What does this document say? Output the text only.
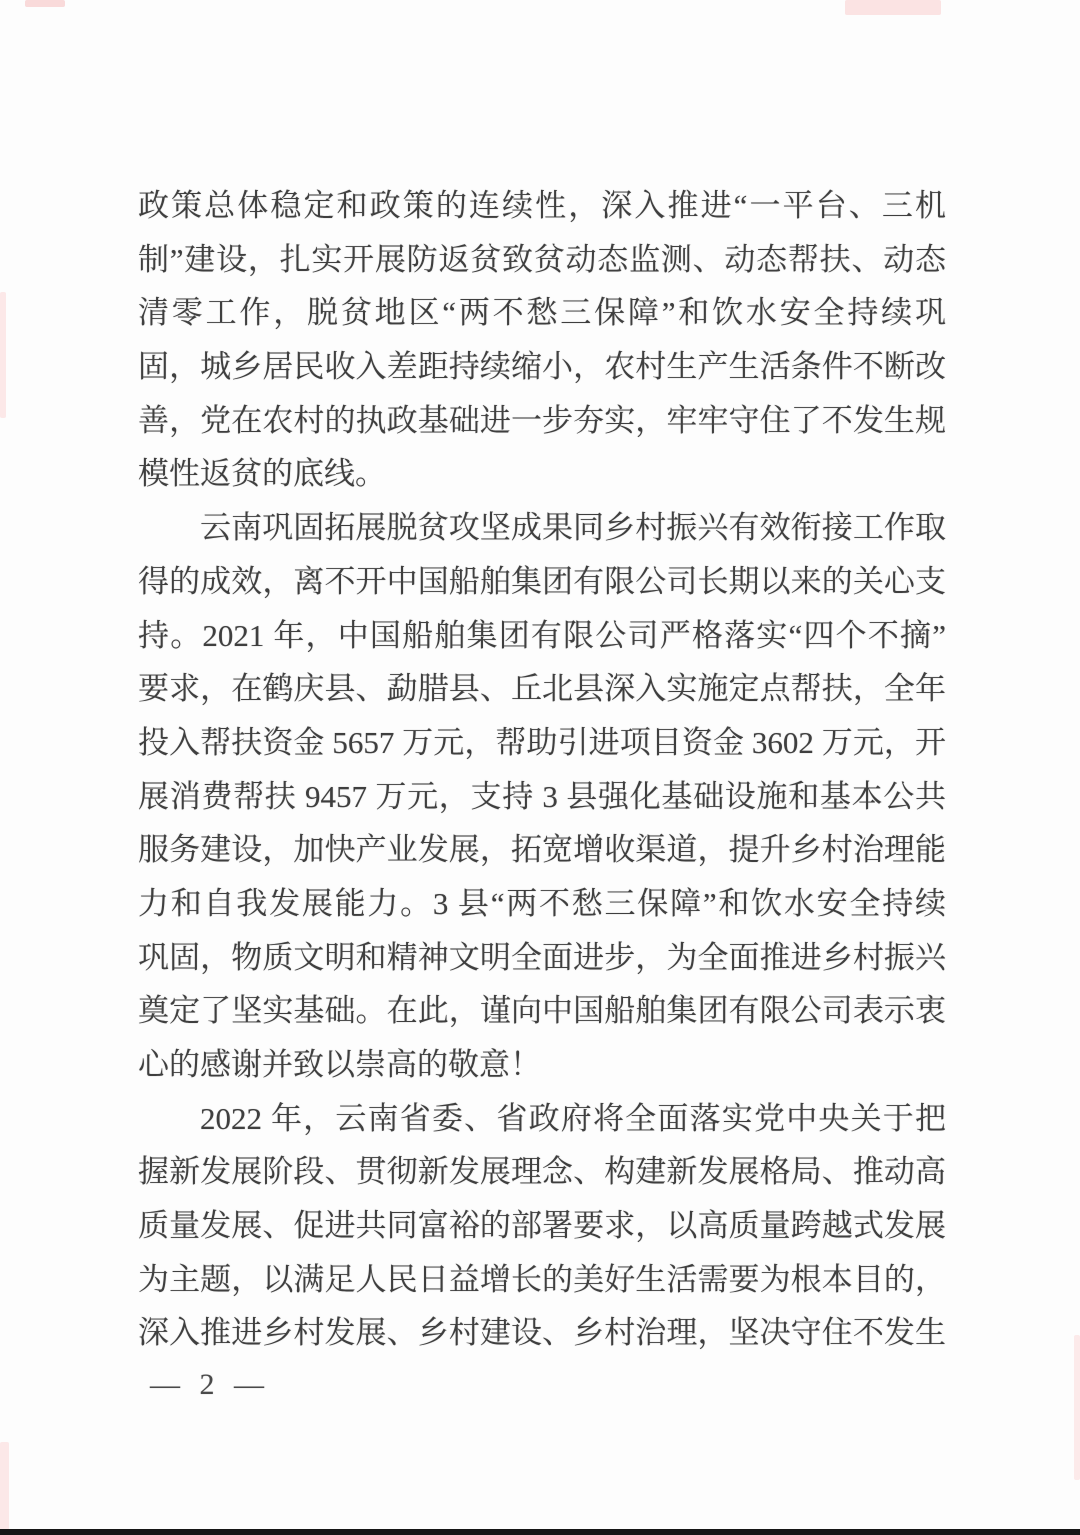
政策总体稳定和政策的连续性，深入推进“一平台、三机
制”建设，扎实开展防返贫致贫动态监测、动态帮扶、动态
清零工作，脱贫地区“两不愁三保障”和饮水安全持续巩
固，城乡居民收入差距持续缩小，农村生产生活条件不断改
善，党在农村的执政基础进一步夯实，牢牢守住了不发生规
模性返贫的底线。
云南巩固拓展脱贫攻坚成果同乡村振兴有效衔接工作取
得的成效，离不开中国船舶集团有限公司长期以来的关心支
持。2021 年，中国船舶集团有限公司严格落实“四个不摘”
要求，在鹤庆县、勐腊县、丘北县深入实施定点帮扶，全年
投入帮扶资金 5657 万元，帮助引进项目资金 3602 万元，开
展消费帮扶 9457 万元，支持 3 县强化基础设施和基本公共
服务建设，加快产业发展，拓宽增收渠道，提升乡村治理能
力和自我发展能力。3 县“两不愁三保障”和饮水安全持续
巩固，物质文明和精神文明全面进步，为全面推进乡村振兴
奠定了坚实基础。在此，谨向中国船舶集团有限公司表示衷
心的感谢并致以崇高的敬意！
2022 年，云南省委、省政府将全面落实党中央关于把
握新发展阶段、贯彻新发展理念、构建新发展格局、推动高
质量发展、促进共同富裕的部署要求，以高质量跨越式发展
为主题，以满足人民日益增长的美好生活需要为根本目的，
深入推进乡村发展、乡村建设、乡村治理，坚决守住不发生
— 2 —
